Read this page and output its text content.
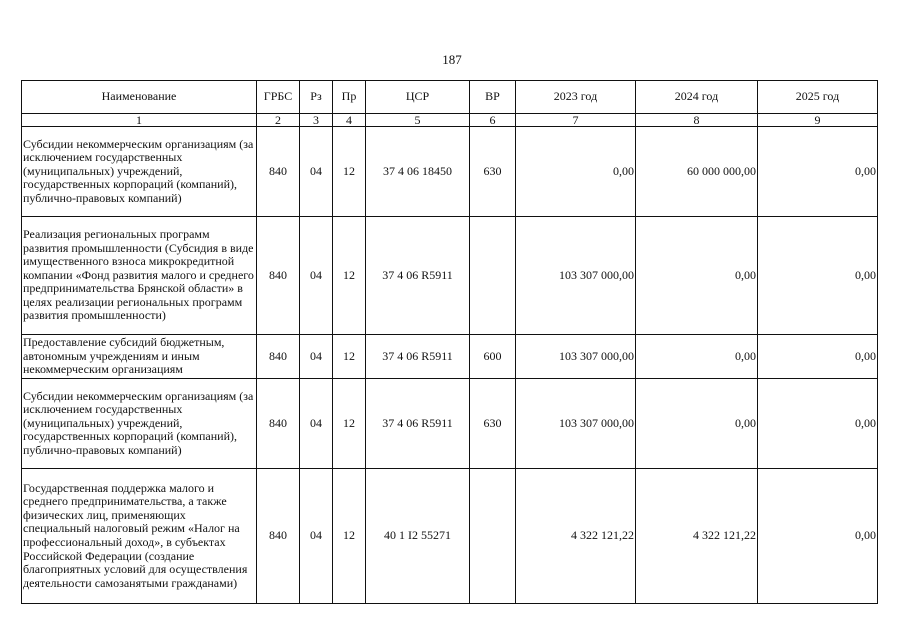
187
Наименование	ГРБС	Рз	Пр	ЦСР	ВР	2023 год	2024 год	2025 год
1	2	3	4	5	6	7	8	9
Субсидии некоммерческим организациям (за исключением государственных (муниципальных) учреждений, государственных корпораций (компаний), публично-правовых компаний)	840	04	12	37 4 06 18450	630	0,00	60 000 000,00	0,00
Реализация региональных программ развития промышленности (Субсидия в виде имущественного взноса микрокредитной компании «Фонд развития малого и среднего предпринимательства Брянской области» в целях реализации региональных программ развития промышленности)	840	04	12	37 4 06 R5911		103 307 000,00	0,00	0,00
Предоставление субсидий бюджетным, автономным учреждениям и иным некоммерческим организациям	840	04	12	37 4 06 R5911	600	103 307 000,00	0,00	0,00
Субсидии некоммерческим организациям (за исключением государственных (муниципальных) учреждений, государственных корпораций (компаний), публично-правовых компаний)	840	04	12	37 4 06 R5911	630	103 307 000,00	0,00	0,00
Государственная поддержка малого и среднего предпринимательства, а также физических лиц, применяющих специальный налоговый режим «Налог на профессиональный доход», в субъектах Российской Федерации (создание благоприятных условий для осуществления деятельности самозанятыми гражданами)	840	04	12	40 1 I2 55271		4 322 121,22	4 322 121,22	0,00
